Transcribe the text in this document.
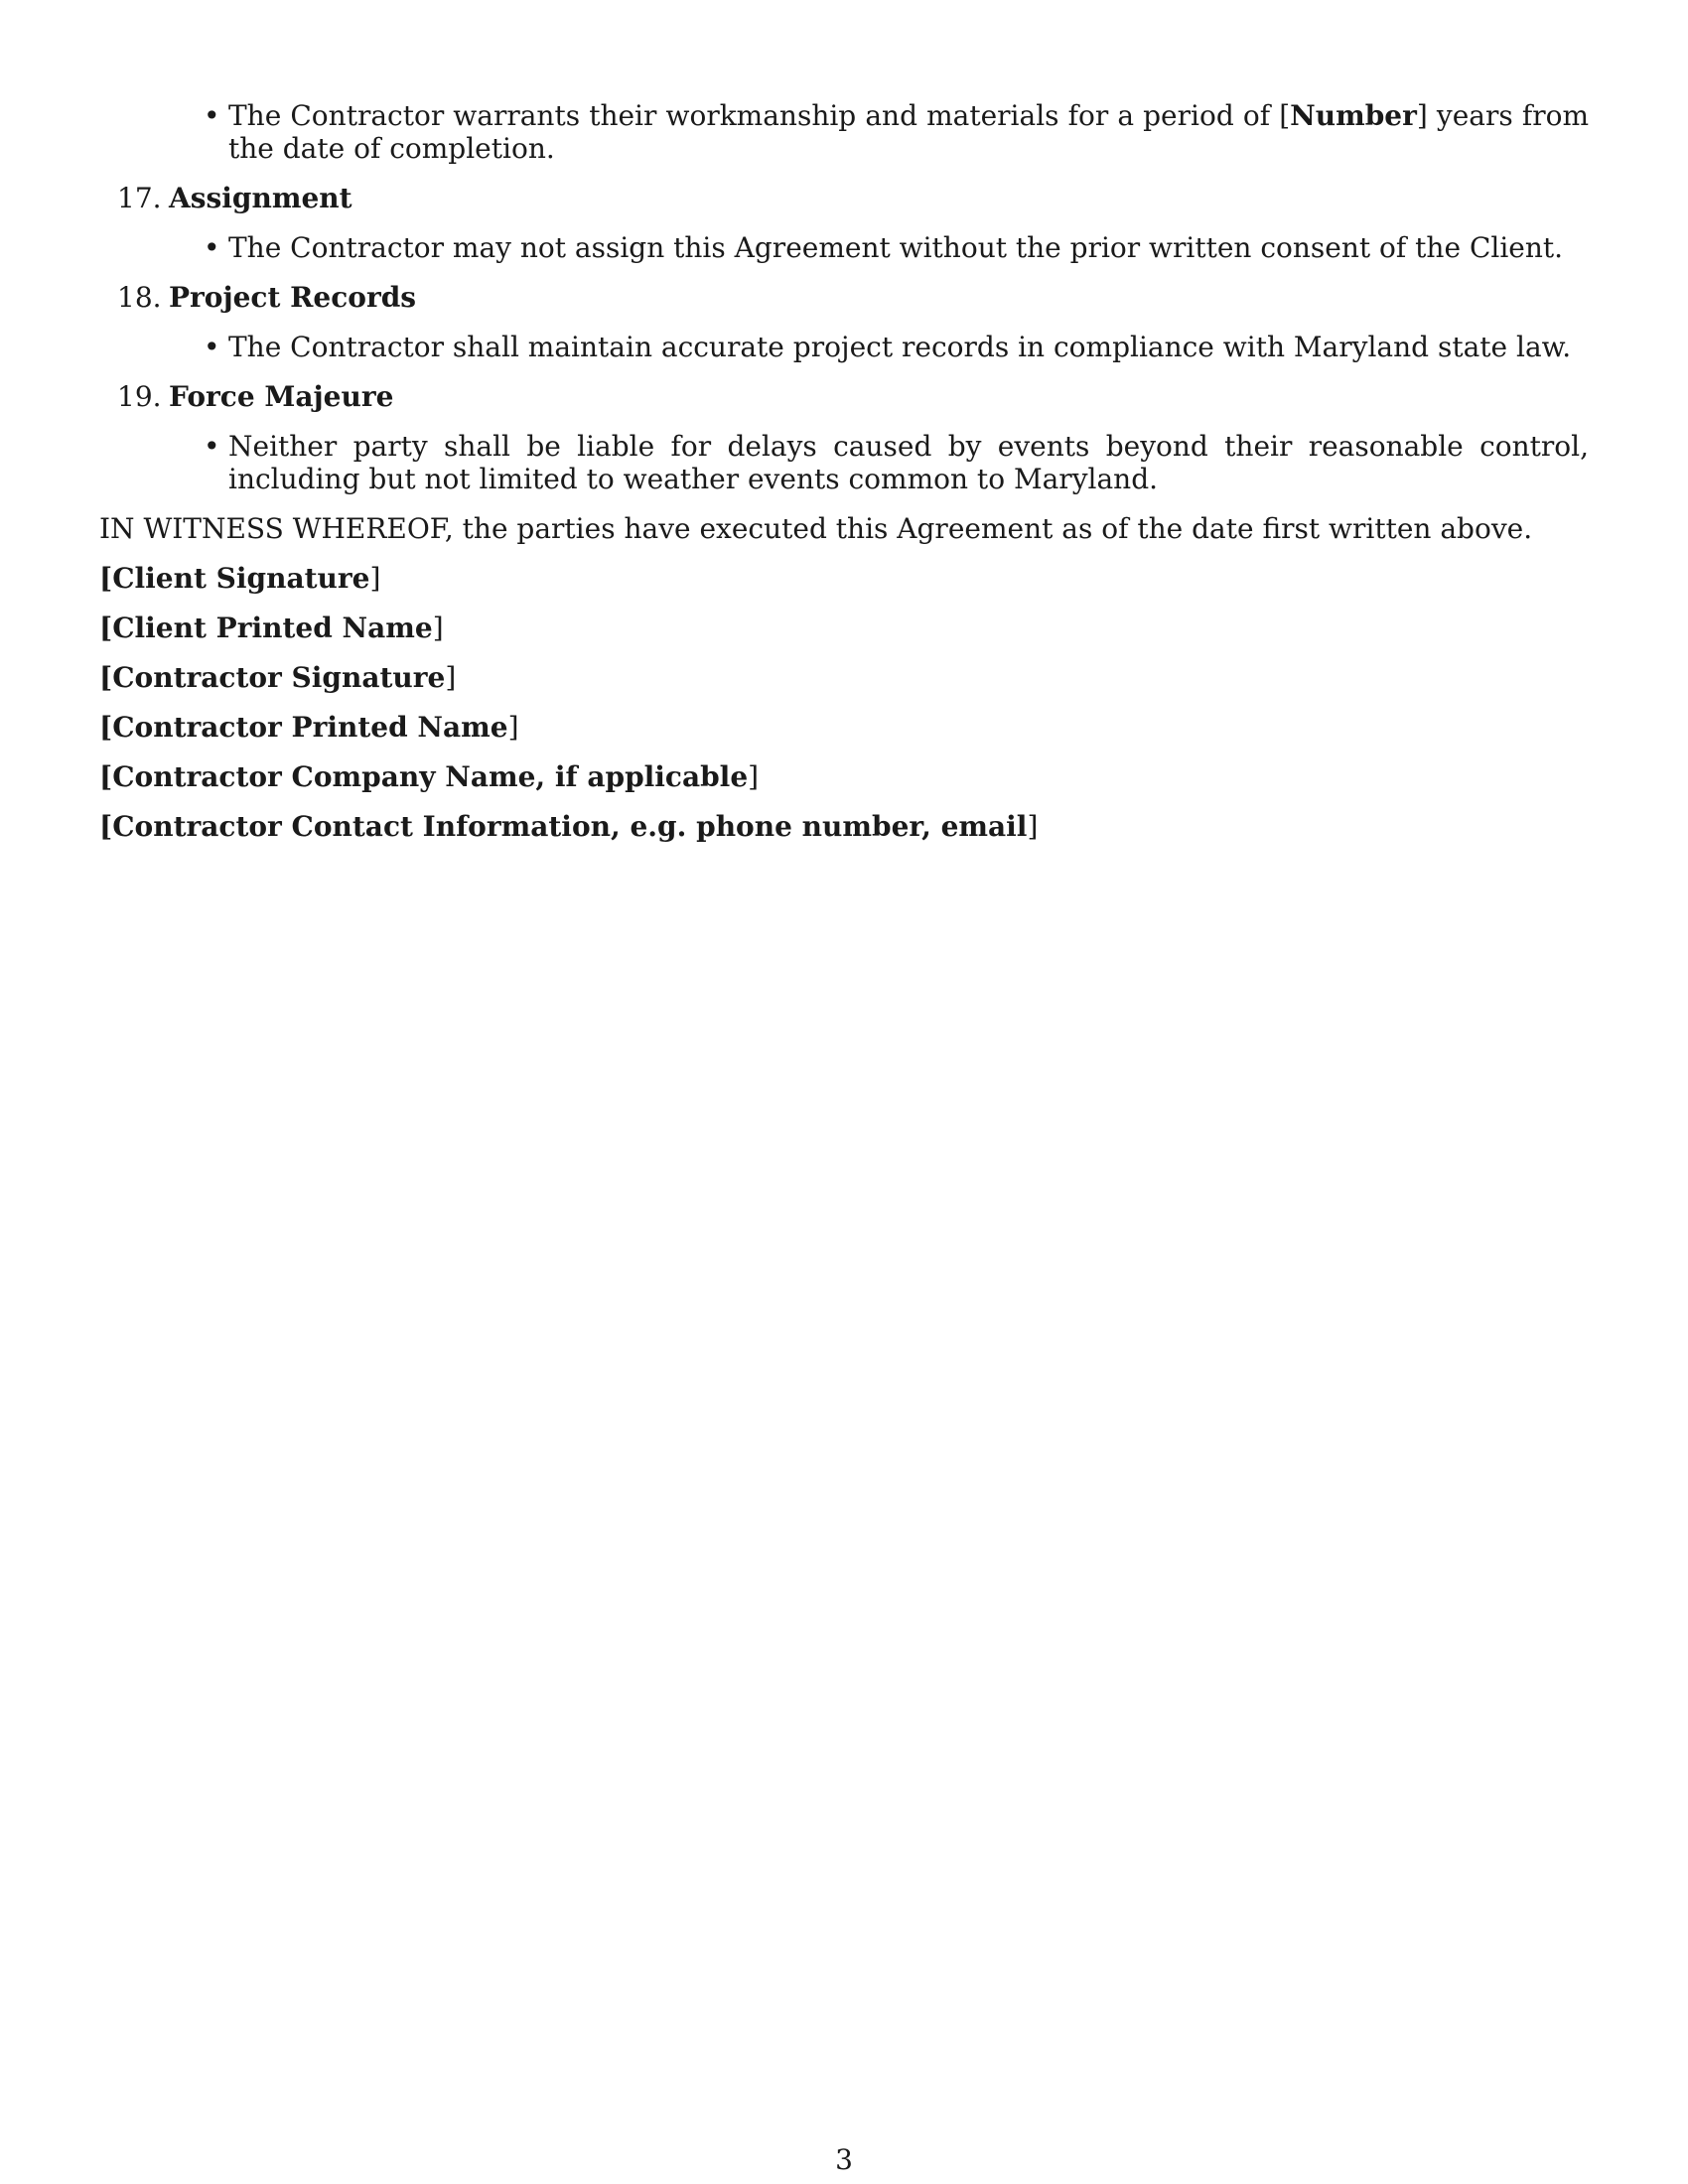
• The Contractor warrants their workmanship and materials for a period of [Number] years from the date of completion.
17. Assignment
• The Contractor may not assign this Agreement without the prior written consent of the Client.
18. Project Records
• The Contractor shall maintain accurate project records in compliance with Maryland state law.
19. Force Majeure
• Neither party shall be liable for delays caused by events beyond their reasonable control, including but not limited to weather events common to Maryland.

IN WITNESS WHEREOF, the parties have executed this Agreement as of the date first written above.

[Client Signature]

[Client Printed Name]

[Contractor Signature]

[Contractor Printed Name]

[Contractor Company Name, if applicable]

[Contractor Contact Information, e.g. phone number, email]

3
